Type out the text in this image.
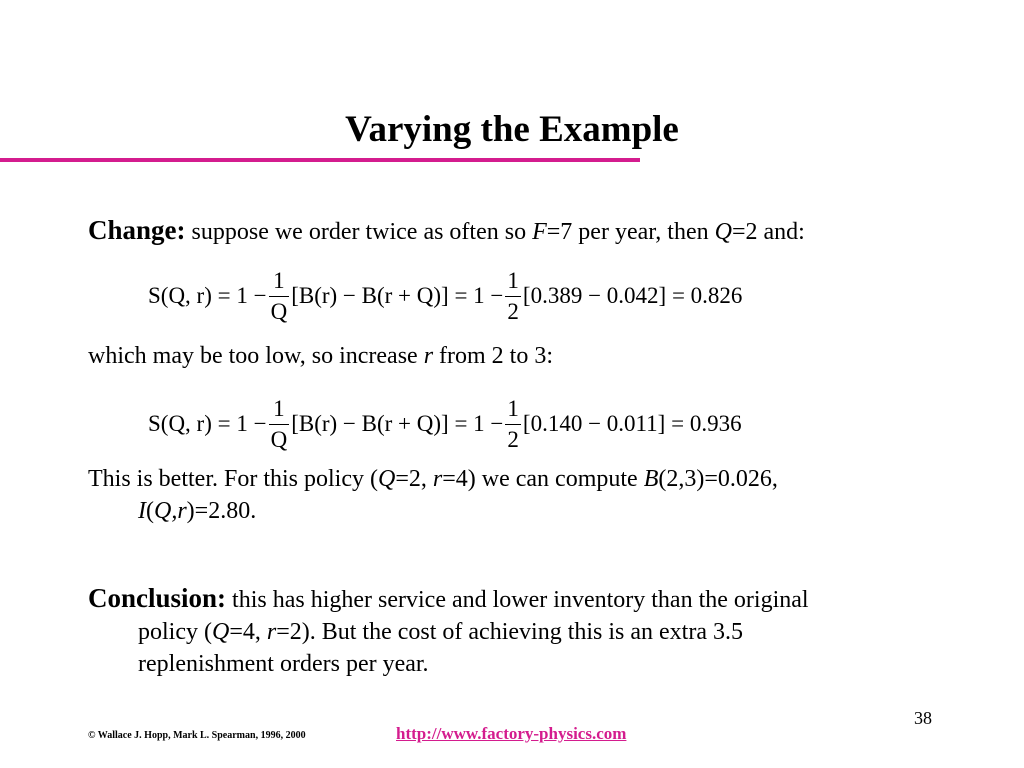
Varying the Example
Change: suppose we order twice as often so F=7 per year, then Q=2 and:
S(Q, $r) = 1 - \frac{1}{Q} [B(r) - B(r + Q)] = 1 - \frac{1}{2} [0.389 - 0.042] = 0.826$
which may be too low, so increase r from 2 to 3:
S(Q, $r) = 1 - \frac{1}{Q} [B(r) - B(r + Q)] = 1 - \frac{1}{2} [0.140 - 0.011] = 0.936$
This is better. For this policy (Q=2, r=4) we can compute B(2,3)=0.026,
I(Q,r)=2.80.
Conclusion: this has higher service and lower inventory than the original
policy (Q=4, r=2). But the cost of achieving this is an extra 3.5
replenishment orders per year.
38
© Wallace J. Hopp, Mark L. Spearman, 1996, 2000	http://www.factory-physics.com
